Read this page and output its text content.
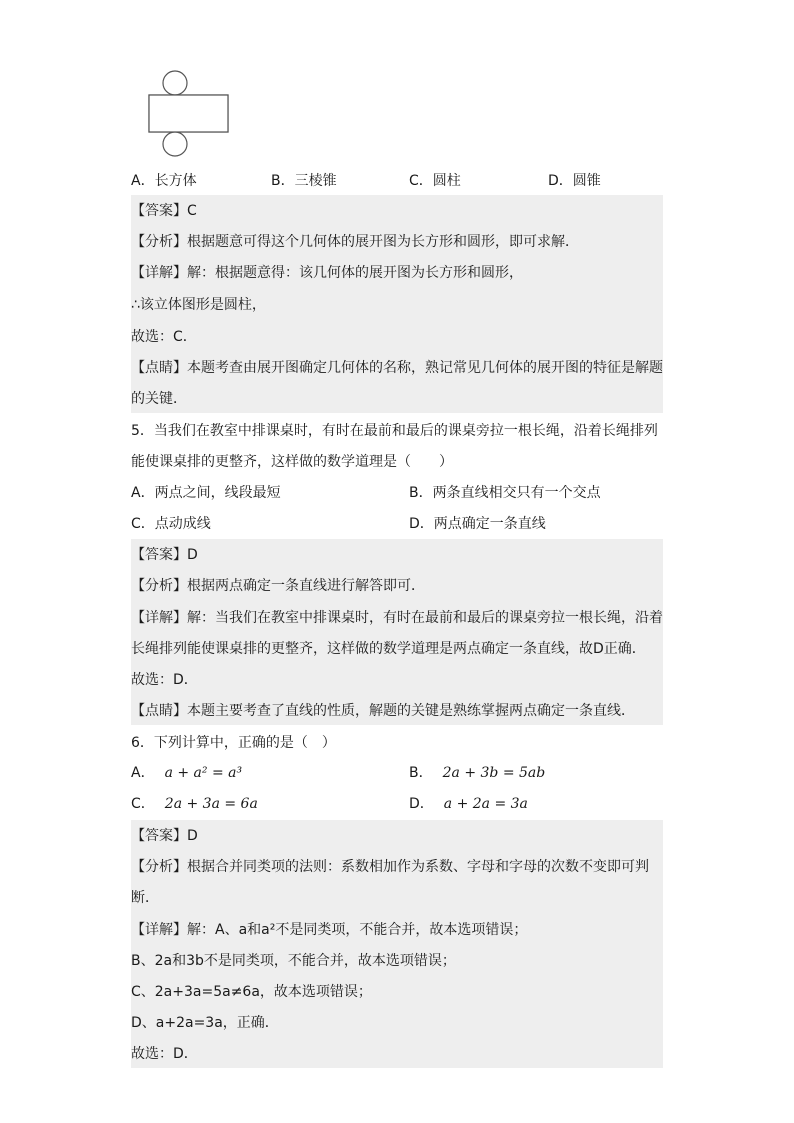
A．长方体	B．三棱锥	C．圆柱	D．圆锥
【答案】C
【分析】根据题意可得这个几何体的展开图为长方形和圆形，即可求解．
【详解】解：根据题意得：该几何体的展开图为长方形和圆形，
∴该立体图形是圆柱，
故选：C．
【点睛】本题考查由展开图确定几何体的名称，熟记常见几何体的展开图的特征是解题
的关键．
5．当我们在教室中排课桌时，有时在最前和最后的课桌旁拉一根长绳，沿着长绳排列
能使课桌排的更整齐，这样做的数学道理是（　　）
A．两点之间，线段最短	B．两条直线相交只有一个交点
C．点动成线	D．两点确定一条直线
【答案】D
【分析】根据两点确定一条直线进行解答即可．
【详解】解：当我们在教室中排课桌时，有时在最前和最后的课桌旁拉一根长绳，沿着
长绳排列能使课桌排的更整齐，这样做的数学道理是两点确定一条直线，故D正确．
故选：D．
【点睛】本题主要考查了直线的性质，解题的关键是熟练掌握两点确定一条直线．
6．下列计算中，正确的是（　）
A． a + a² = a³	B． 2a + 3b = 5ab
C． 2a + 3a = 6a	D． a + 2a = 3a
【答案】D
【分析】根据合并同类项的法则：系数相加作为系数、字母和字母的次数不变即可判
断．
【详解】解：A、a和a²不是同类项，不能合并，故本选项错误；
B、2a和3b不是同类项，不能合并，故本选项错误；
C、2a+3a=5a≠6a，故本选项错误；
D、a+2a=3a，正确．
故选：D．
